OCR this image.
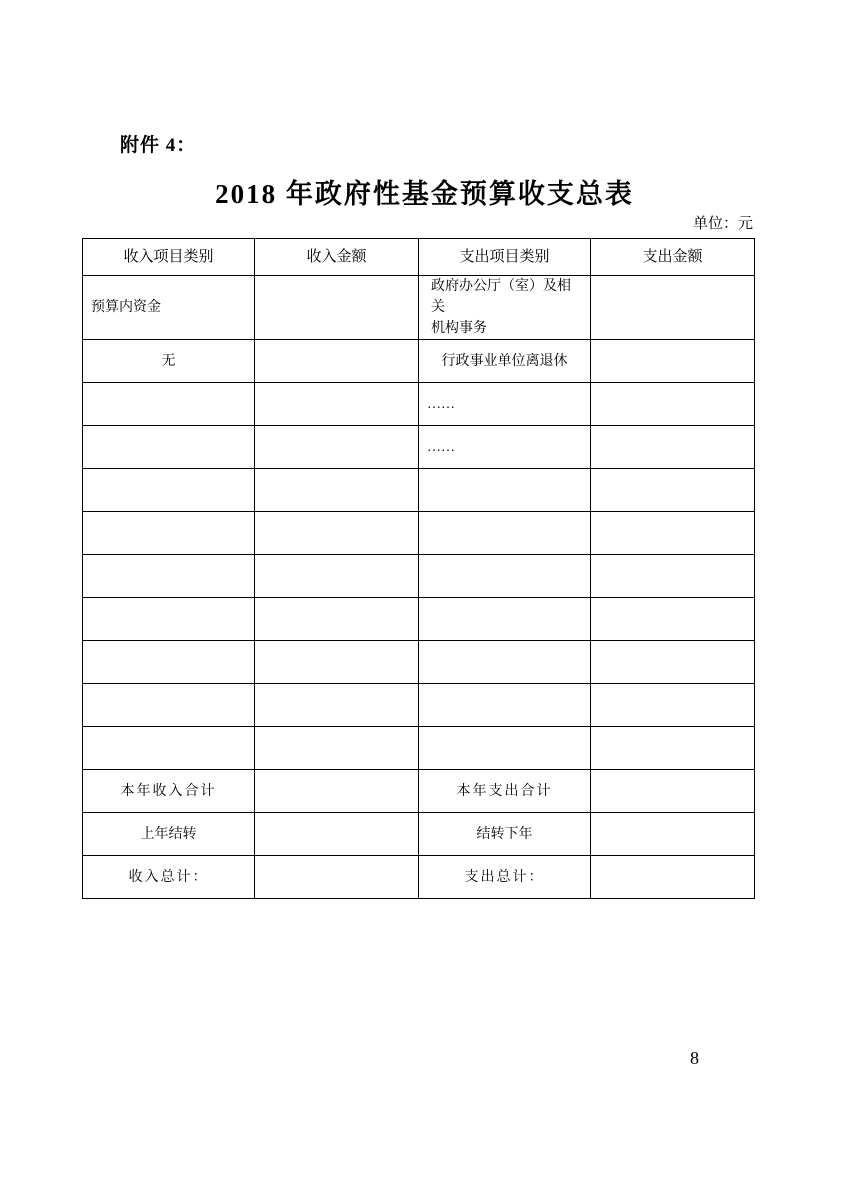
附件 4：
2018 年政府性基金预算收支总表
单位：元
收入项目类别	收入金额	支出项目类别	支出金额
预算内资金		政府办公厅（室）及相关
机构事务	

无		行政事业单位离退休	
		……	
		……	

本年收入合计		本年支出合计	
上年结转		结转下年	
收入总计：		支出总计：	
8
